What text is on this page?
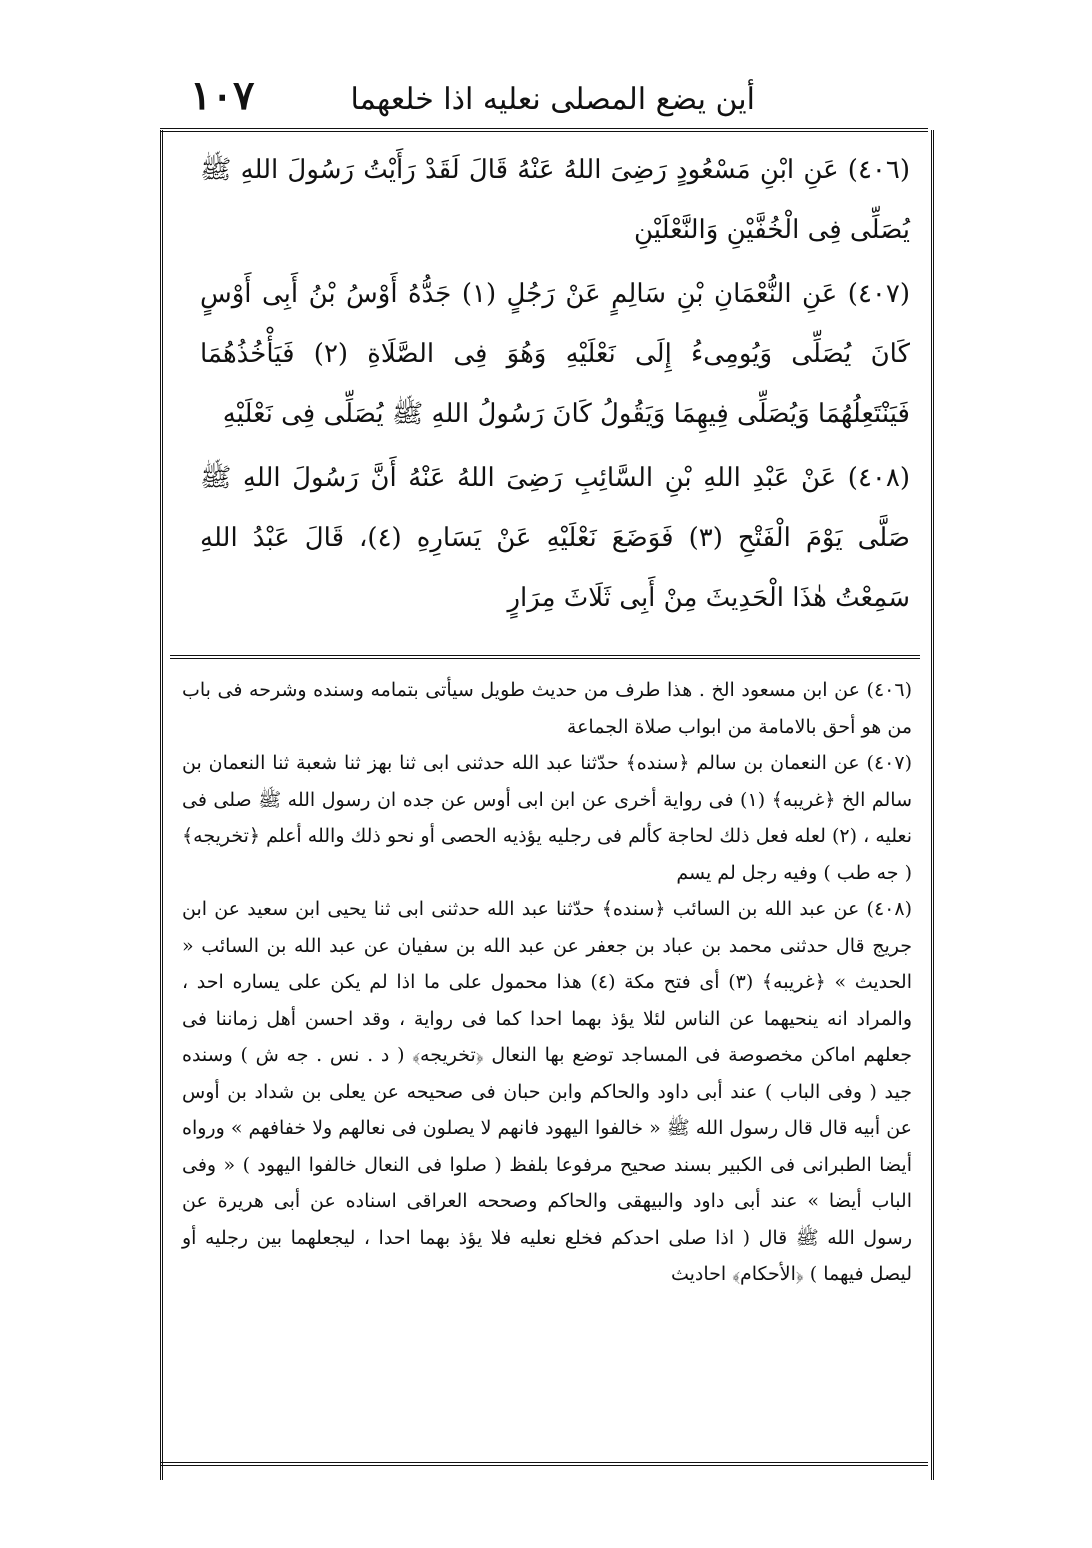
أين يضع المصلى نعليه اذا خلعهما
١٠٧

(٤٠٦) عَنِ ابْنِ مَسْعُودٍ رَضِىَ اللهُ عَنْهُ قَالَ لَقَدْ رَأَيْتُ رَسُولَ اللهِ ﷺ يُصَلِّى فِى الْخُفَّيْنِ وَالنَّعْلَيْنِ

(٤٠٧) عَنِ النُّعْمَانِ بْنِ سَالِمٍ عَنْ رَجُلٍ (١) جَدُّهُ أَوْسُ بْنُ أَبِى أَوْسٍ كَانَ يُصَلِّى وَيُومِىءُ إِلَى نَعْلَيْهِ وَهُوَ فِى الصَّلَاةِ (٢) فَيَأْخُذُهُمَا فَيَنْتَعِلُهُمَا وَيُصَلِّى فِيهِمَا وَيَقُولُ كَانَ رَسُولُ اللهِ ﷺ يُصَلِّى فِى نَعْلَيْهِ

(٤٠٨) عَنْ عَبْدِ اللهِ بْنِ السَّائِبِ رَضِىَ اللهُ عَنْهُ أَنَّ رَسُولَ اللهِ ﷺ صَلَّى يَوْمَ الْفَتْحِ (٣) فَوَضَعَ نَعْلَيْهِ عَنْ يَسَارِهِ (٤)، قَالَ عَبْدُ اللهِ سَمِعْتُ هٰذَا الْحَدِيثَ مِنْ أَبِى ثَلَاثَ مِرَارٍ

(٤٠٦) عن ابن مسعود الخ . هذا طرف من حديث طويل سيأتى بتمامه وسنده وشرحه فى باب من هو أحق بالامامة من ابواب صلاة الجماعة

(٤٠٧) عن النعمان بن سالم ﴿سنده﴾ حدّثنا عبد الله حدثنى ابى ثنا بهز ثنا شعبة ثنا النعمان بن سالم الخ ﴿غريبه﴾ (١) فى رواية أخرى عن ابن ابى أوس عن جده ان رسول الله ﷺ صلى فى نعليه ، (٢) لعله فعل ذلك لحاجة كألم فى رجليه يؤذيه الحصى أو نحو ذلك والله أعلم ﴿تخريجه﴾ ( جه طب ) وفيه رجل لم يسم

(٤٠٨) عن عبد الله بن السائب ﴿سنده﴾ حدّثنا عبد الله حدثنى ابى ثنا يحيى ابن سعيد عن ابن جريج قال حدثنى محمد بن عباد بن جعفر عن عبد الله بن سفيان عن عبد الله بن السائب « الحديث » ﴿غريبه﴾ (٣) أى فتح مكة (٤) هذا محمول على ما اذا لم يكن على يساره احد ، والمراد انه ينحيهما عن الناس لئلا يؤذ بهما احدا كما فى رواية ، وقد احسن أهل زماننا فى جعلهم اماكن مخصوصة فى المساجد توضع بها النعال ﴿تخريجه﴾ ( د . نس . جه ش ) وسنده جيد ( وفى الباب ) عند أبى داود والحاكم وابن حبان فى صحيحه عن يعلى بن شداد بن أوس عن أبيه قال قال رسول الله ﷺ « خالفوا اليهود فانهم لا يصلون فى نعالهم ولا خفافهم » ورواه أيضا الطبرانى فى الكبير بسند صحيح مرفوعا بلفظ ( صلوا فى النعال خالفوا اليهود ) « وفى الباب أيضا » عند أبى داود والبيهقى والحاكم وصححه العراقى اسناده عن أبى هريرة عن رسول الله ﷺ قال ( اذا صلى احدكم فخلع نعليه فلا يؤذ بهما احدا ، ليجعلهما بين رجليه أو ليصل فيهما ) ﴿الأحكام﴾ احاديث
